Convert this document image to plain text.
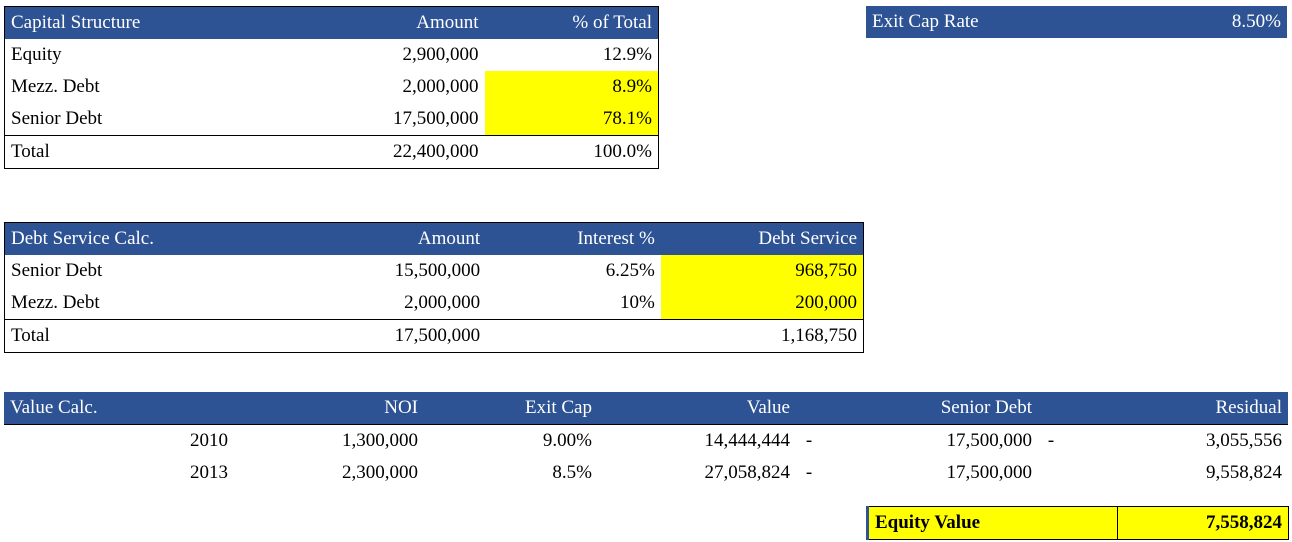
Capital Structure	Amount	% of Total
Equity	2,900,000	12.9%
Mezz. Debt	2,000,000	8.9%
Senior Debt	17,500,000	78.1%
Total	22,400,000	100.0%
Exit Cap Rate	8.50%
Debt Service Calc.	Amount	Interest %	Debt Service
Senior Debt	15,500,000	6.25%	968,750
Mezz. Debt	2,000,000	10%	200,000
Total	17,500,000		1,168,750
Value Calc.	NOI	Exit Cap	Value		Senior Debt		Residual
2010	1,300,000	9.00%	14,444,444	-	17,500,000	-	3,055,556
2013	2,300,000	8.5%	27,058,824	-	17,500,000		9,558,824
Equity Value	7,558,824
